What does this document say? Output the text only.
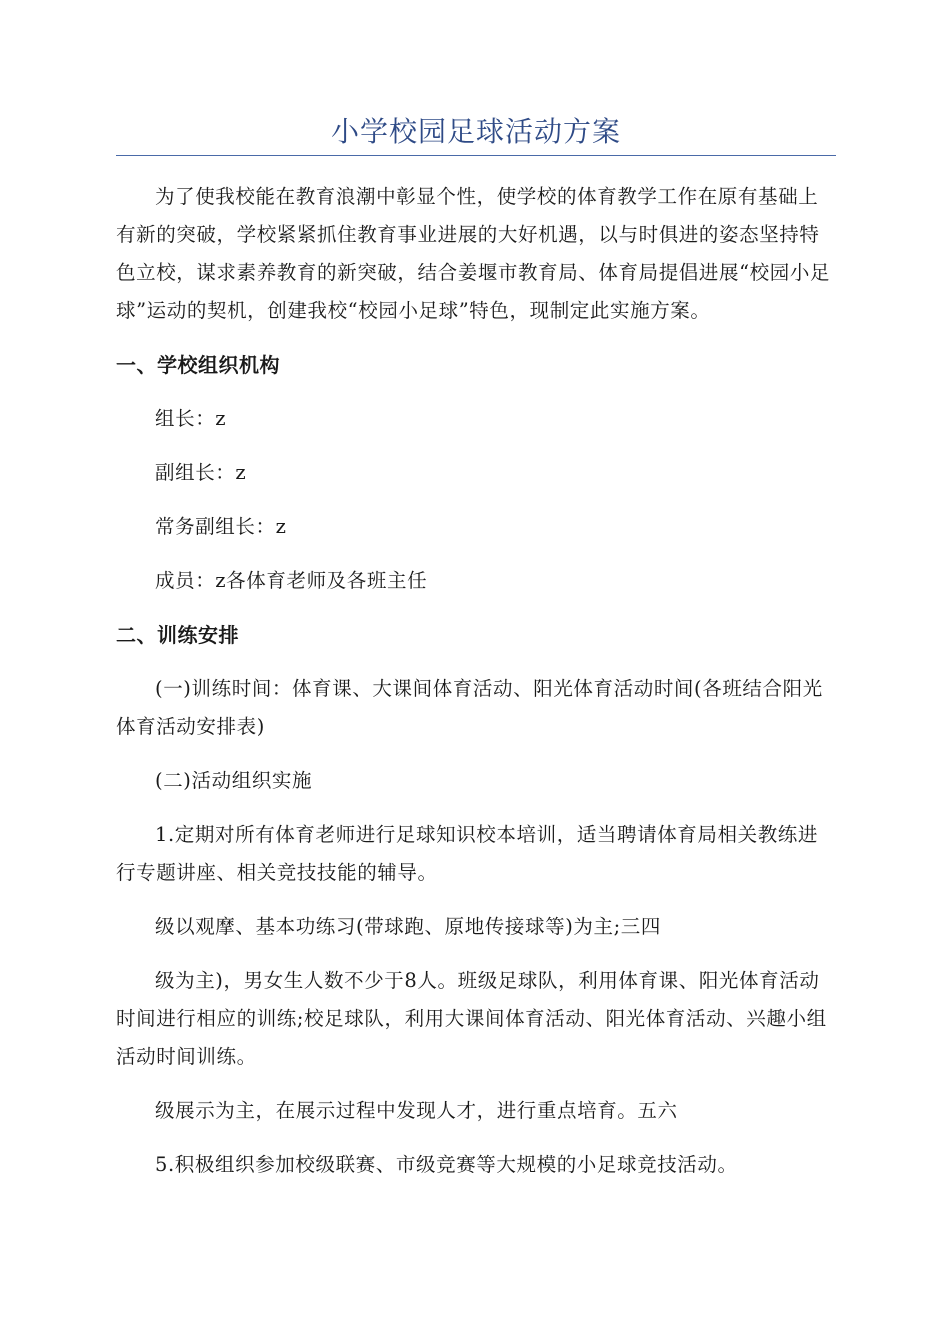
小学校园足球活动方案

为了使我校能在教育浪潮中彰显个性，使学校的体育教学工作在原有基础上有新的突破，学校紧紧抓住教育事业进展的大好机遇，以与时俱进的姿态坚持特色立校，谋求素养教育的新突破，结合姜堰市教育局、体育局提倡进展“校园小足球”运动的契机，创建我校“校园小足球”特色，现制定此实施方案。

一、学校组织机构
组长：z
副组长：z
常务副组长：z
成员：z各体育老师及各班主任
二、训练安排

(一)训练时间：体育课、大课间体育活动、阳光体育活动时间(各班结合阳光体育活动安排表)

(二)活动组织实施

1.定期对所有体育老师进行足球知识校本培训，适当聘请体育局相关教练进行专题讲座、相关竞技技能的辅导。

级以观摩、基本功练习(带球跑、原地传接球等)为主;三四

级为主)，男女生人数不少于8人。班级足球队，利用体育课、阳光体育活动时间进行相应的训练;校足球队，利用大课间体育活动、阳光体育活动、兴趣小组活动时间训练。

级展示为主，在展示过程中发现人才，进行重点培育。五六

5.积极组织参加校级联赛、市级竞赛等大规模的小足球竞技活动。
